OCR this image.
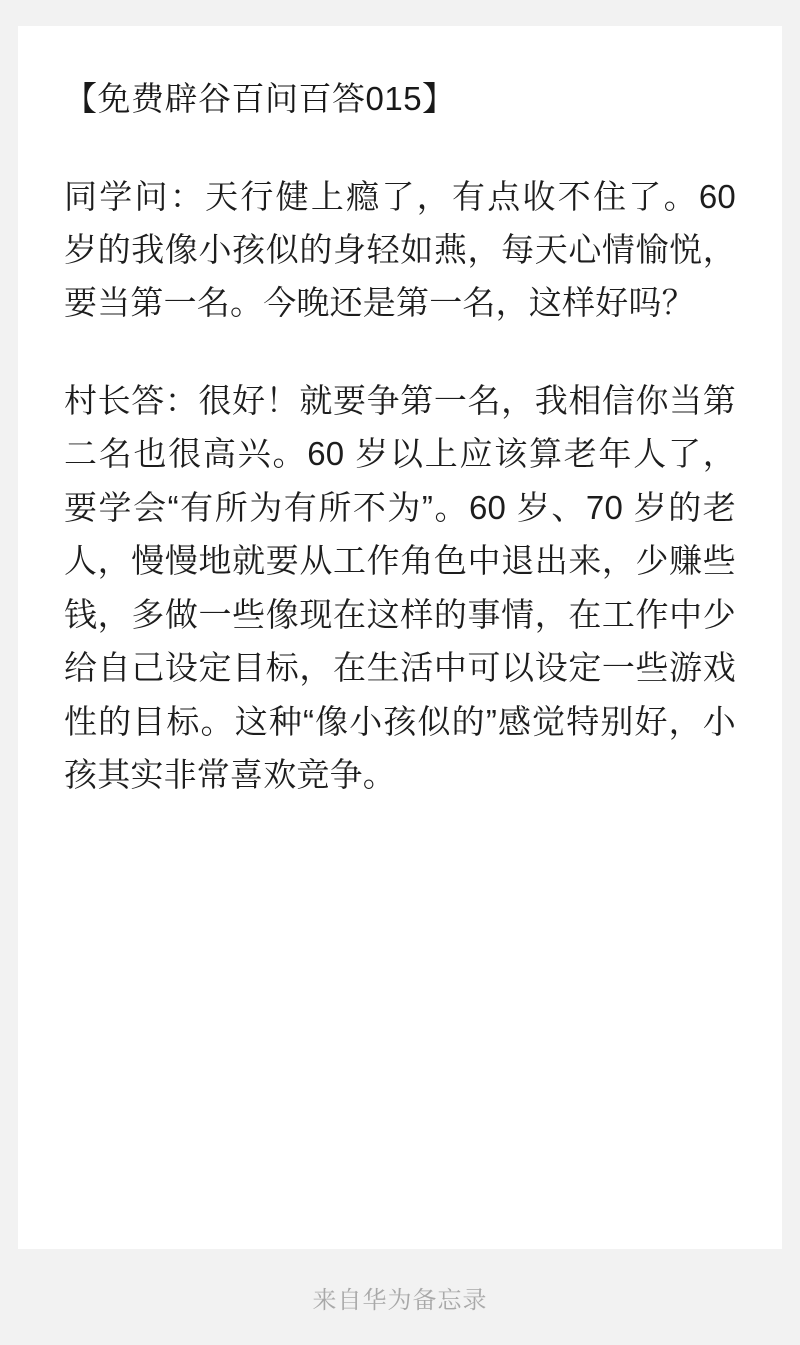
【免费辟谷百问百答015】
同学问：天行健上瘾了，有点收不住了。60 岁的我像小孩似的身轻如燕，每天心情愉悦，要当第一名。今晚还是第一名，这样好吗？
村长答：很好！就要争第一名，我相信你当第二名也很高兴。60 岁以上应该算老年人了，要学会“有所为有所不为”。60 岁、70 岁的老人，慢慢地就要从工作角色中退出来，少赚些钱，多做一些像现在这样的事情，在工作中少给自己设定目标，在生活中可以设定一些游戏性的目标。这种“像小孩似的”感觉特别好，小孩其实非常喜欢竞争。
来自华为备忘录
